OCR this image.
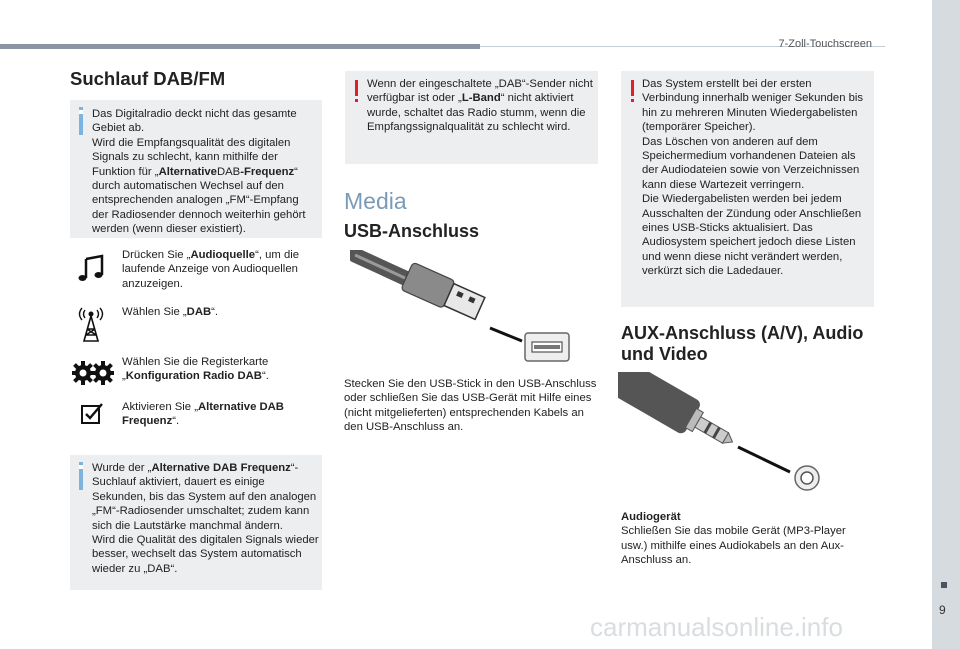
7-Zoll-Touchscreen
9
Suchlauf DAB/FM
Das Digitalradio deckt nicht das gesamte Gebiet ab.
Wird die Empfangsqualität des digitalen Signals zu schlecht, kann mithilfe der Funktion für „AlternativeDAB-Frequenz“ durch automatischen Wechsel auf den entsprechenden analogen „FM“-Empfang der Radiosender dennoch weiterhin gehört werden (wenn dieser existiert).
Drücken Sie „Audioquelle“, um die laufende Anzeige von Audioquellen anzuzeigen.
Wählen Sie „DAB“.
Wählen Sie die Registerkarte „Konfiguration Radio DAB“.
Aktivieren Sie „Alternative DAB Frequenz“.
Wurde der „Alternative DAB Frequenz“-Suchlauf aktiviert, dauert es einige Sekunden, bis das System auf den analogen „FM“-Radiosender umschaltet; zudem kann sich die Lautstärke manchmal ändern.
Wird die Qualität des digitalen Signals wieder besser, wechselt das System automatisch wieder zu „DAB“.
Wenn der eingeschaltete „DAB“-Sender nicht verfügbar ist oder „L-Band“ nicht aktiviert wurde, schaltet das Radio stumm, wenn die Empfangssignalqualität zu schlecht wird.
Media
USB-Anschluss
Stecken Sie den USB-Stick in den USB-Anschluss oder schließen Sie das USB-Gerät mit Hilfe eines (nicht mitgelieferten) entsprechenden Kabels an den USB-Anschluss an.
Das System erstellt bei der ersten Verbindung innerhalb weniger Sekunden bis hin zu mehreren Minuten Wiedergabelisten (temporärer Speicher).
Das Löschen von anderen auf dem Speichermedium vorhandenen Dateien als der Audiodateien sowie von Verzeichnissen kann diese Wartezeit verringern.
Die Wiedergabelisten werden bei jedem Ausschalten der Zündung oder Anschließen eines USB-Sticks aktualisiert. Das Audiosystem speichert jedoch diese Listen und wenn diese nicht verändert werden, verkürzt sich die Ladedauer.
AUX-Anschluss (A/V), Audio und Video
Audiogerät
Schließen Sie das mobile Gerät (MP3-Player usw.) mithilfe eines Audiokabels an den Aux-Anschluss an.
carmanualsonline.info
